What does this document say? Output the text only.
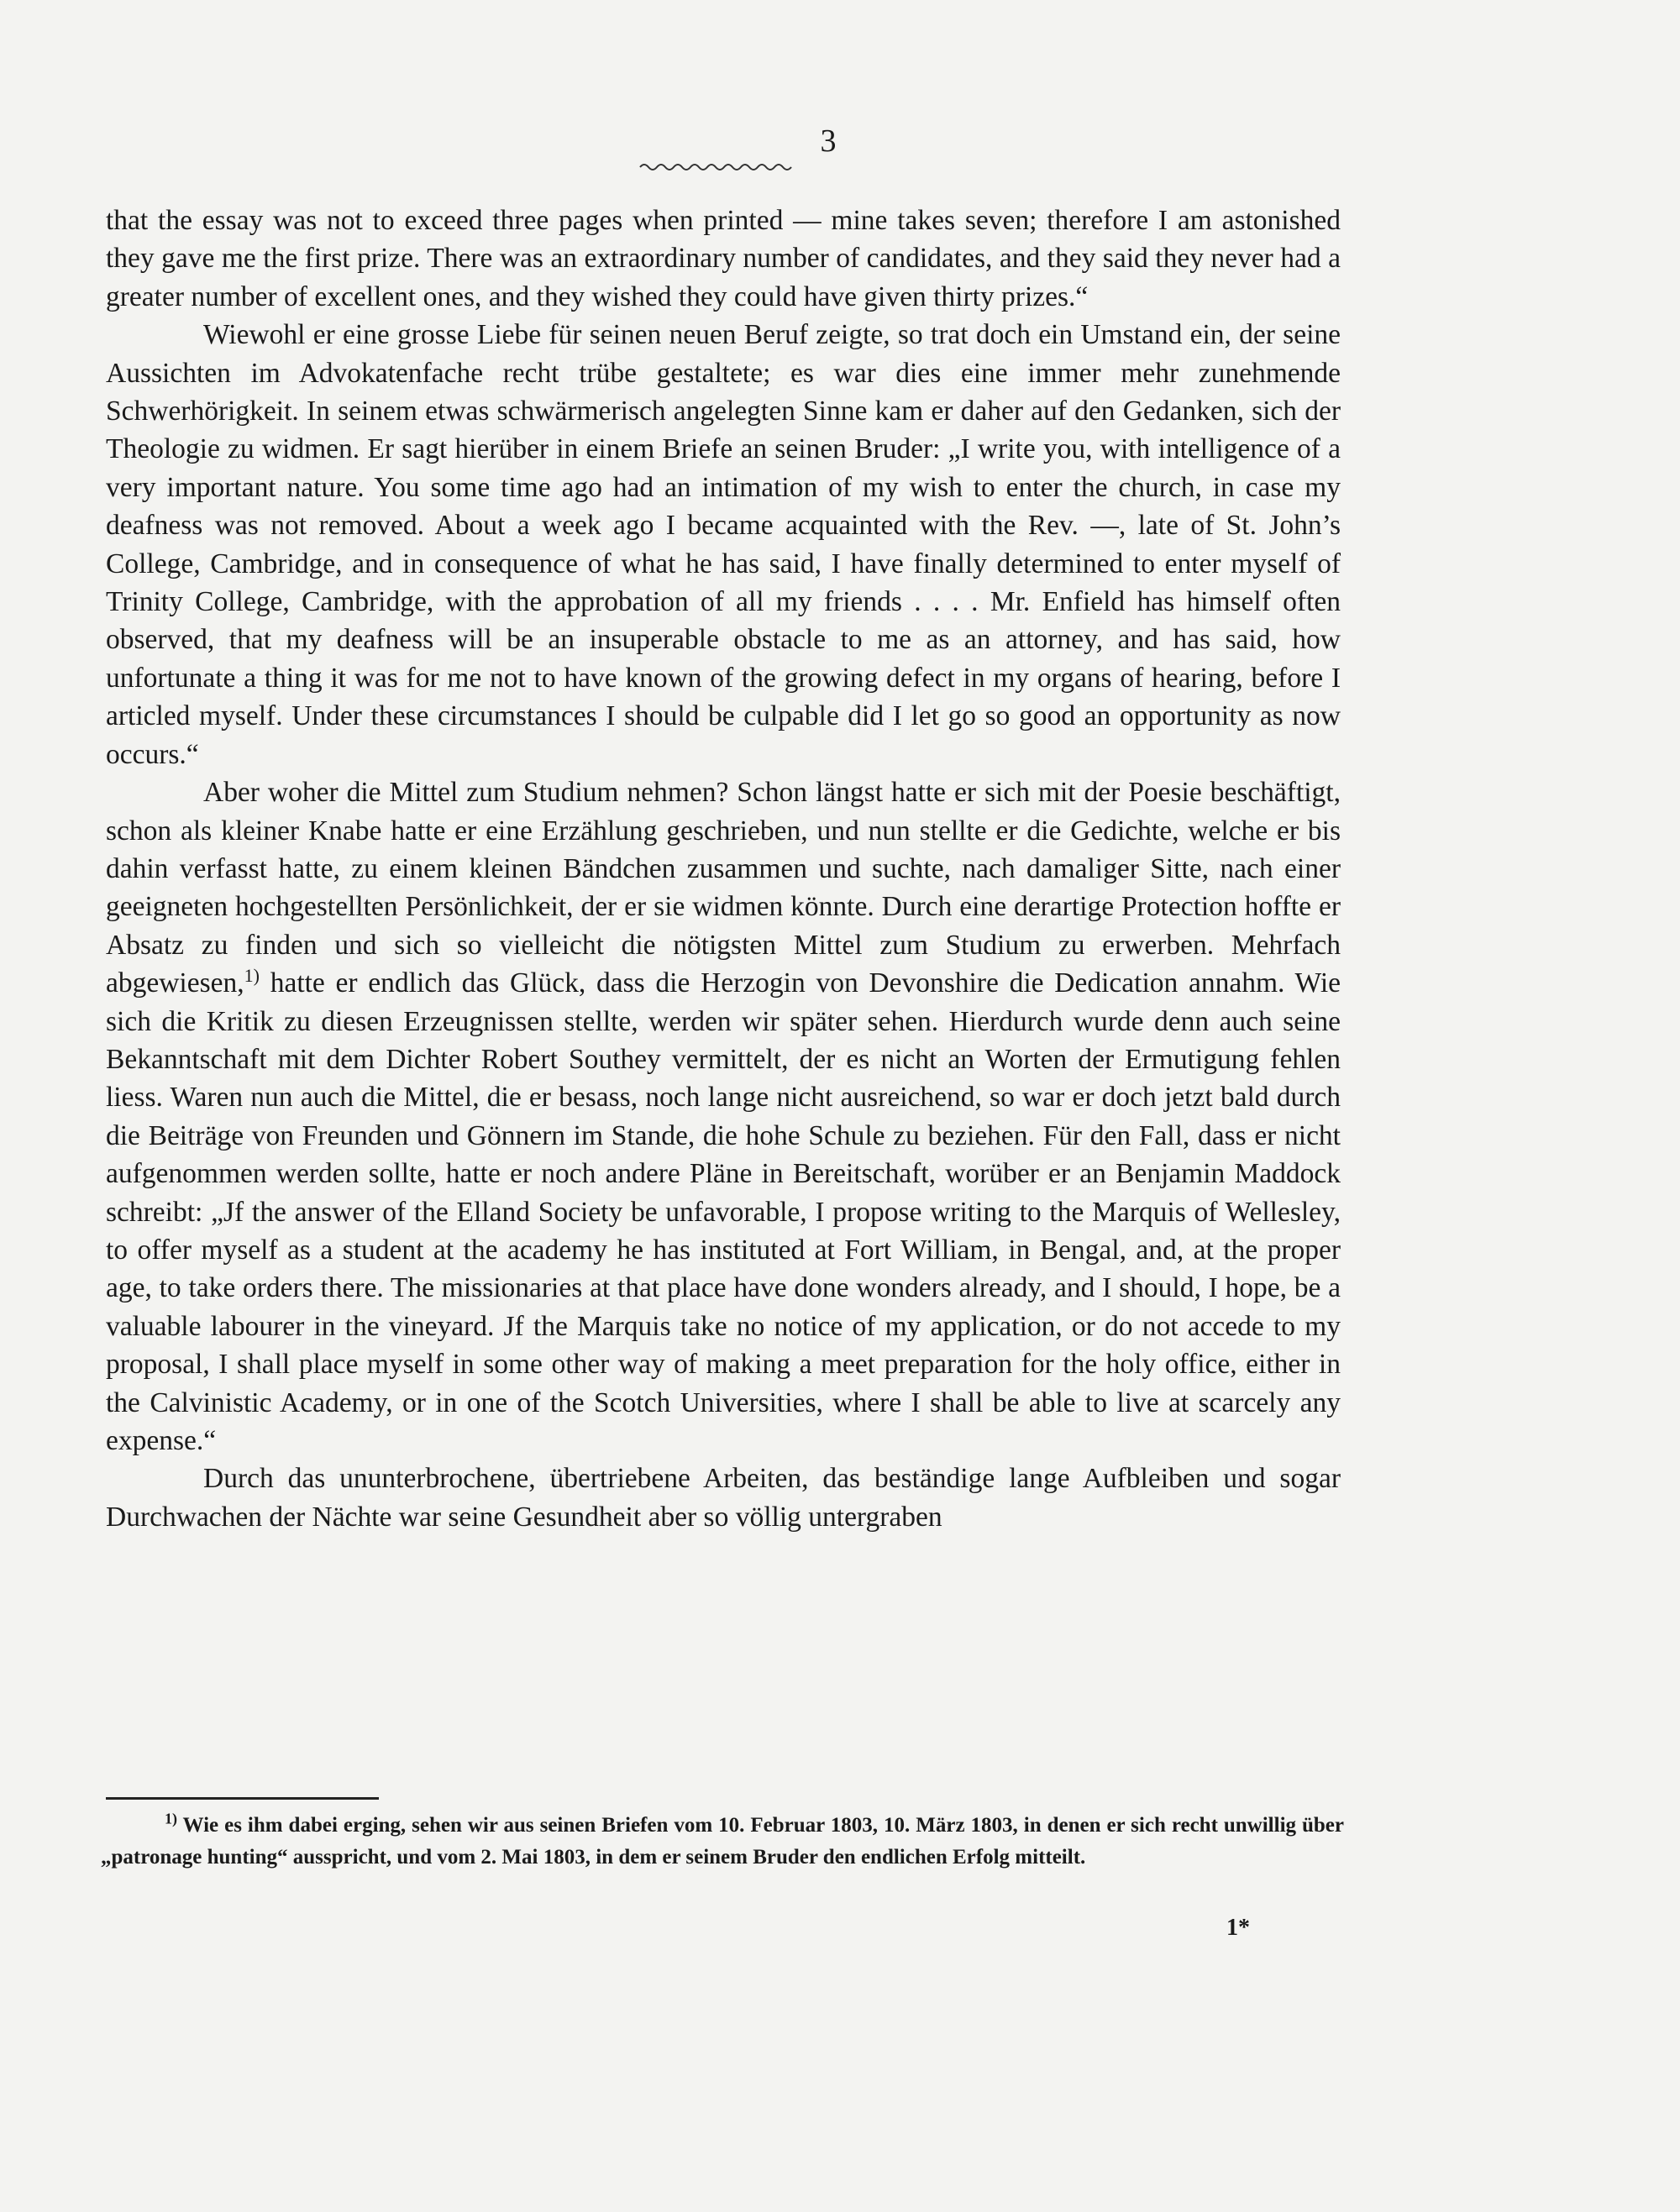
3

that the essay was not to exceed three pages when printed — mine takes seven; therefore I am astonished they gave me the first prize. There was an extraordinary number of candidates, and they said they never had a greater number of excellent ones, and they wished they could have given thirty prizes.“

Wiewohl er eine grosse Liebe für seinen neuen Beruf zeigte, so trat doch ein Umstand ein, der seine Aussichten im Advokatenfache recht trübe gestaltete; es war dies eine immer mehr zunehmende Schwerhörigkeit. In seinem etwas schwärmerisch angelegten Sinne kam er daher auf den Gedanken, sich der Theologie zu widmen. Er sagt hierüber in einem Briefe an seinen Bruder: „I write you, with intelligence of a very important nature. You some time ago had an intimation of my wish to enter the church, in case my deafness was not removed. About a week ago I became acquainted with the Rev. —, late of St. John’s College, Cambridge, and in consequence of what he has said, I have finally determined to enter myself of Trinity College, Cambridge, with the approbation of all my friends . . . . Mr. Enfield has himself often observed, that my deafness will be an insuperable obstacle to me as an attorney, and has said, how unfortunate a thing it was for me not to have known of the growing defect in my organs of hearing, before I articled myself. Under these circumstances I should be culpable did I let go so good an opportunity as now occurs.“

Aber woher die Mittel zum Studium nehmen? Schon längst hatte er sich mit der Poesie beschäftigt, schon als kleiner Knabe hatte er eine Erzählung geschrieben, und nun stellte er die Gedichte, welche er bis dahin verfasst hatte, zu einem kleinen Bändchen zusammen und suchte, nach damaliger Sitte, nach einer geeigneten hochgestellten Persönlichkeit, der er sie widmen könnte. Durch eine derartige Protection hoffte er Absatz zu finden und sich so vielleicht die nötigsten Mittel zum Studium zu erwerben. Mehrfach abgewiesen,$^{1)}$ hatte er endlich das Glück, dass die Herzogin von Devonshire die Dedication annahm. Wie sich die Kritik zu diesen Erzeugnissen stellte, werden wir später sehen. Hierdurch wurde denn auch seine Bekanntschaft mit dem Dichter Robert Southey vermittelt, der es nicht an Worten der Ermutigung fehlen liess. Waren nun auch die Mittel, die er besass, noch lange nicht ausreichend, so war er doch jetzt bald durch die Beiträge von Freunden und Gönnern im Stande, die hohe Schule zu beziehen. Für den Fall, dass er nicht aufgenommen werden sollte, hatte er noch andere Pläne in Bereitschaft, worüber er an Benjamin Maddock schreibt: „Jf the answer of the Elland Society be unfavorable, I propose writing to the Marquis of Wellesley, to offer myself as a student at the academy he has instituted at Fort William, in Bengal, and, at the proper age, to take orders there. The missionaries at that place have done wonders already, and I should, I hope, be a valuable labourer in the vineyard. Jf the Marquis take no notice of my application, or do not accede to my proposal, I shall place myself in some other way of making a meet preparation for the holy office, either in the Calvinistic Academy, or in one of the Scotch Universities, where I shall be able to live at scarcely any expense.“

Durch das ununterbrochene, übertriebene Arbeiten, das beständige lange Aufbleiben und sogar Durchwachen der Nächte war seine Gesundheit aber so völlig untergraben

$^{1)}$ Wie es ihm dabei erging, sehen wir aus seinen Briefen vom 10. Februar 1803, 10. März 1803, in denen er sich recht unwillig über „patronage hunting“ ausspricht, und vom 2. Mai 1803, in dem er seinem Bruder den endlichen Erfolg mitteilt.
1*
